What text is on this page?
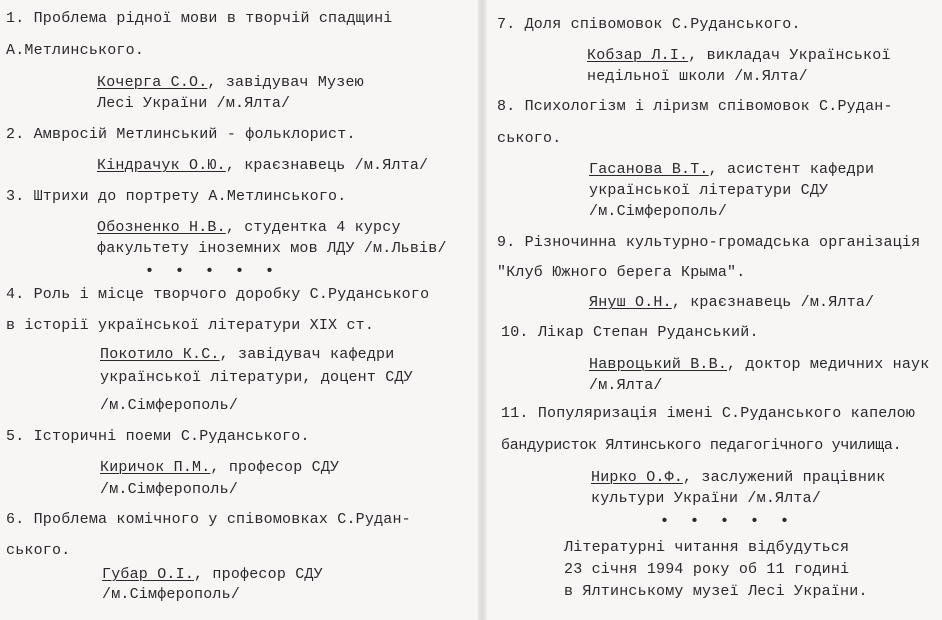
1. Проблема рідної мови в творчій спадщині
А.Метлинського.
Кочерга С.О., завідувач Музею
Лесі України /м.Ялта/
2. Амвросій Метлинський - фольклорист.
Кіндрачук О.Ю., краєзнавець /м.Ялта/
3. Штрихи до портрету А.Метлинського.
Обозненко Н.В., студентка 4 курсу
факультету іноземних мов ЛДУ /м.Львів/
• • • • •
4. Роль і місце творчого доробку С.Руданського
в історії української літератури XIX ст.
Покотило К.С., завідувач кафедри
української літератури, доцент СДУ
/м.Сімферополь/
5. Історичні поеми С.Руданського.
Киричок П.М., професор СДУ
/м.Сімферополь/
6. Проблема комічного у співомовках С.Рудан-
ського.
Губар О.І., професор СДУ
/м.Сімферополь/
7. Доля співомовок С.Руданського.
Кобзар Л.І., викладач Української
недільної школи /м.Ялта/
8. Психологізм і ліризм співомовок С.Рудан-
ського.
Гасанова В.Т., асистент кафедри
української літератури СДУ
/м.Сімферополь/
9. Різночинна культурно-громадська організація
"Клуб Южного берега Крыма".
Януш О.Н., краєзнавець /м.Ялта/
10. Лікар Степан Руданський.
Навроцький В.В., доктор медичних наук
/м.Ялта/
11. Популяризація імені С.Руданського капелою
бандуристок Ялтинського педагогічного училища.
Нирко О.Ф., заслужений працівник
культури України /м.Ялта/
• • • • •
Літературні читання відбудуться
23 січня 1994 року об 11 годині
в Ялтинському музеї Лесі України.
